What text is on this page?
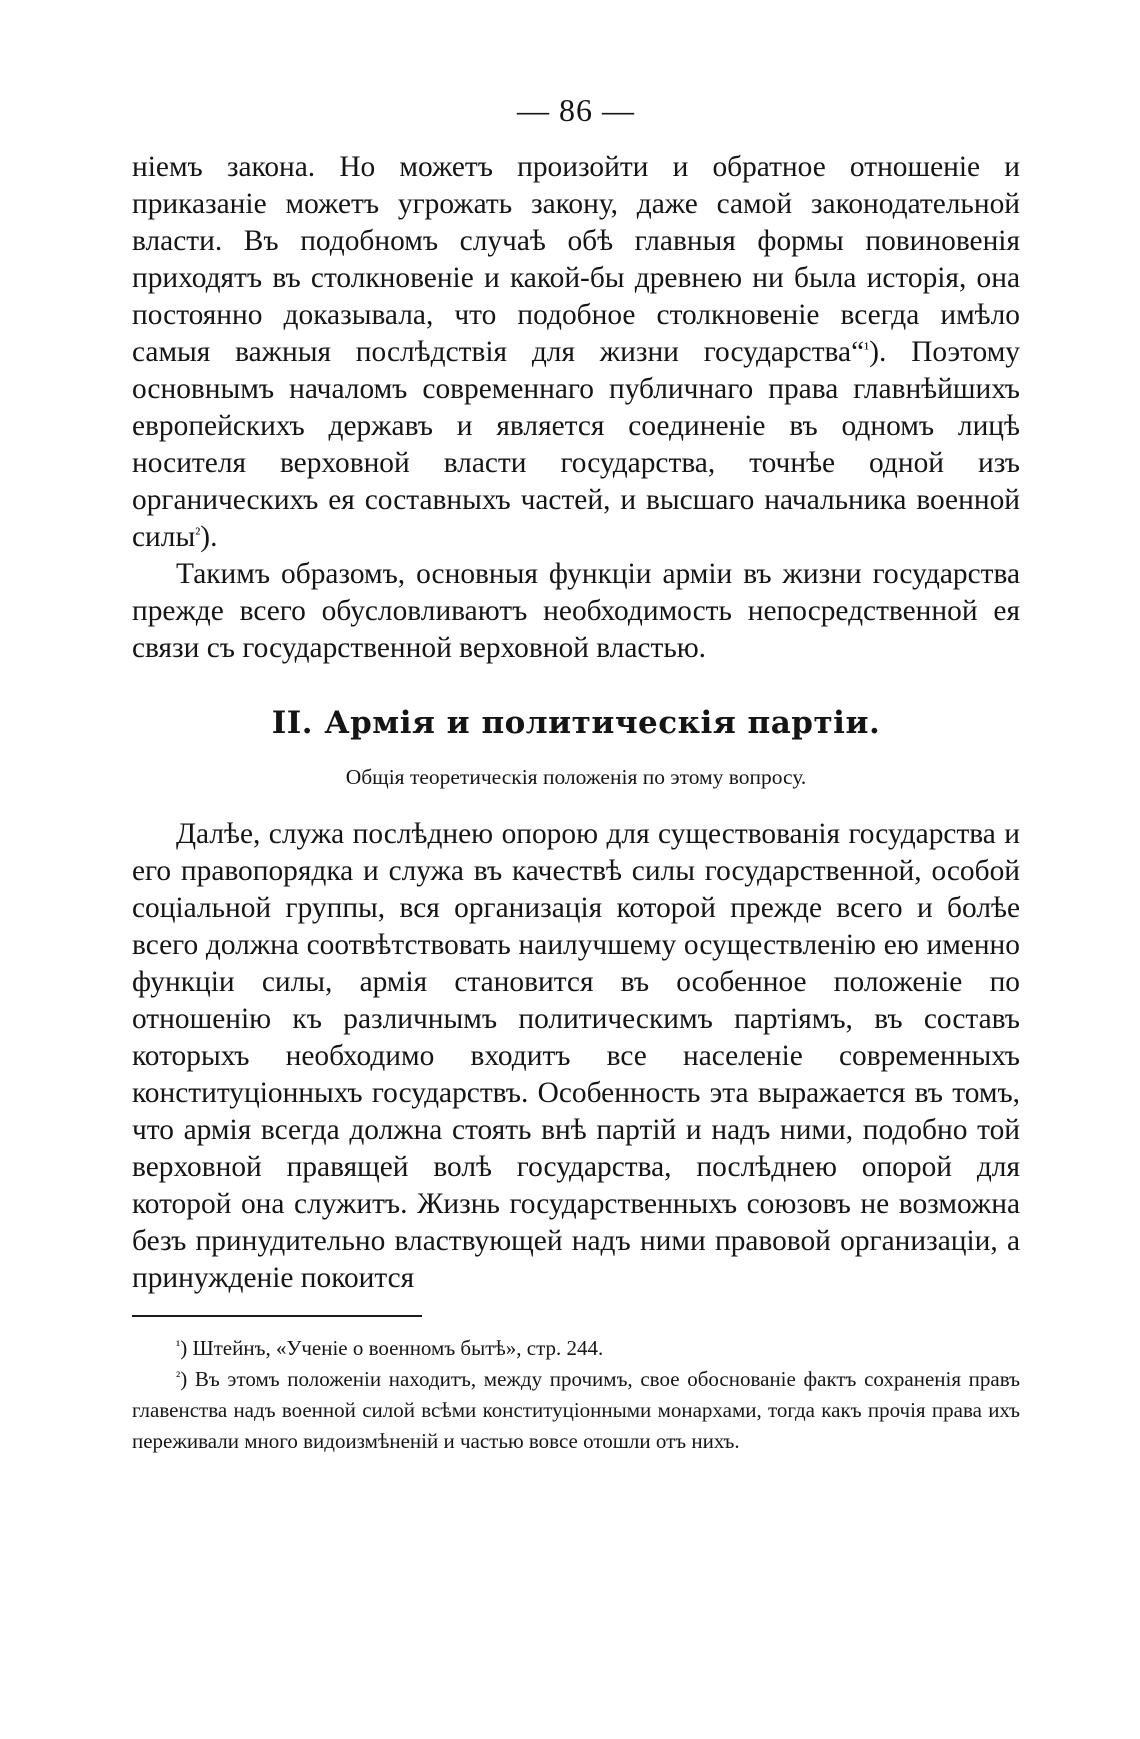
— 86 —

ніемъ закона. Но можетъ произойти и обратное отношеніе и приказаніе можетъ угрожать закону, даже самой законодательной власти. Въ подобномъ случаѣ обѣ главныя формы повиновенія приходятъ въ столкновеніе и какой-бы древнею ни была исторія, она постоянно доказывала, что подобное столкновеніе всегда имѣло самыя важныя послѣдствія для жизни государства“$^{^1}$). Поэтому основнымъ началомъ современнаго публичнаго права главнѣйшихъ европейскихъ державъ и является соединеніе въ одномъ лицѣ носителя верховной власти государства, точнѣе одной изъ органическихъ ея составныхъ частей, и высшаго начальника военной силы$^{^2}$).

Такимъ образомъ, основныя функціи арміи въ жизни государства прежде всего обусловливаютъ необходимость непосредственной ея связи съ государственной верховной властью.

II. Армія и политическія партіи.
Общія теоретическія положенія по этому вопросу.

Далѣе, служа послѣднею опорою для существованія государства и его правопорядка и служа въ качествѣ силы государственной, особой соціальной группы, вся организація которой прежде всего и болѣе всего должна соотвѣтствовать наилучшему осуществленію ею именно функціи силы, армія становится въ особенное положеніе по отношенію къ различнымъ политическимъ партіямъ, въ составъ которыхъ необходимо входитъ все населеніе современныхъ конституціонныхъ государствъ. Особенность эта выражается въ томъ, что армія всегда должна стоять внѣ партій и надъ ними, подобно той верховной правящей волѣ государства, послѣднею опорой для которой она служитъ. Жизнь государственныхъ союзовъ не возможна безъ принудительно властвующей надъ ними правовой организаціи, а принужденіе покоится

$^{^1}$) Штейнъ, «Ученіе о военномъ бытѣ», стр. 244.

$^{^2}$) Въ этомъ положеніи находитъ, между прочимъ, свое обоснованіе фактъ сохраненія правъ главенства надъ военной силой всѣми конституціонными монархами, тогда какъ прочія права ихъ переживали много видоизмѣненій и частью вовсе отошли отъ нихъ.
